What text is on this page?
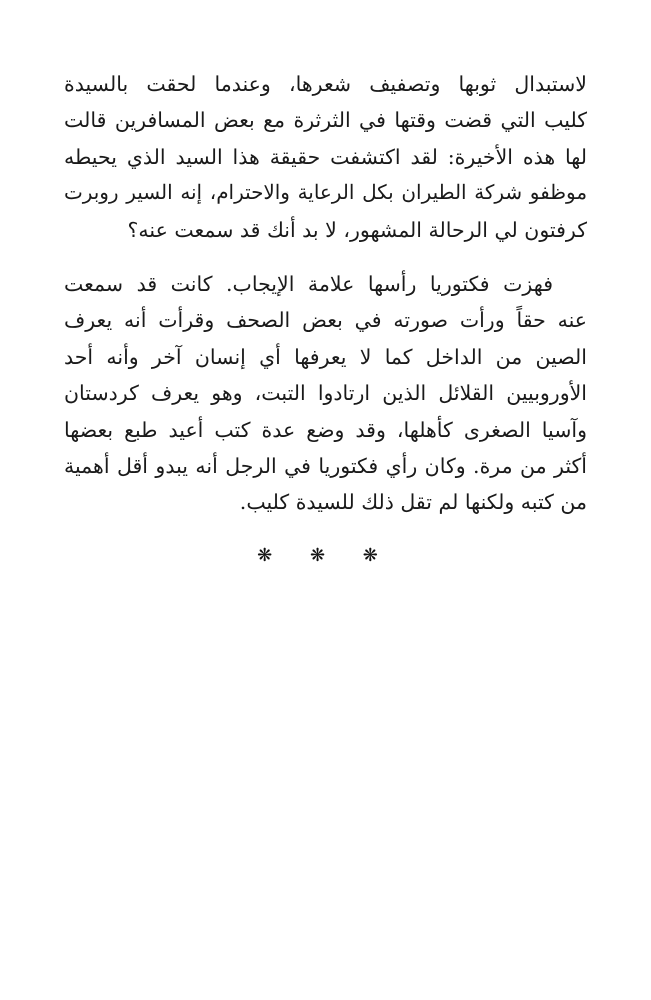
لاستبدال ثوبها وتصفيف شعرها، وعندما لحقت بالسيدة
كليب التي قضت وقتها في الثرثرة مع بعض المسافرين قالت
لها هذه الأخيرة: لقد اكتشفت حقيقة هذا السيد الذي يحيطه
موظفو شركة الطيران بكل الرعاية والاحترام، إنه السير روبرت
كرفتون لي الرحالة المشهور، لا بد أنك قد سمعت عنه؟

فهزت فكتوريا رأسها علامة الإيجاب. كانت قد سمعت
عنه حقاً ورأت صورته في بعض الصحف وقرأت أنه يعرف
الصين من الداخل كما لا يعرفها أي إنسان آخر وأنه أحد
الأوروبيين القلائل الذين ارتادوا التبت، وهو يعرف كردستان
وآسيا الصغرى كأهلها، وقد وضع عدة كتب أعيد طبع بعضها
أكثر من مرة. وكان رأي فكتوريا في الرجل أنه يبدو أقل أهمية
من كتبه ولكنها لم تقل ذلك للسيدة كليب.

❋ ❋ ❋
